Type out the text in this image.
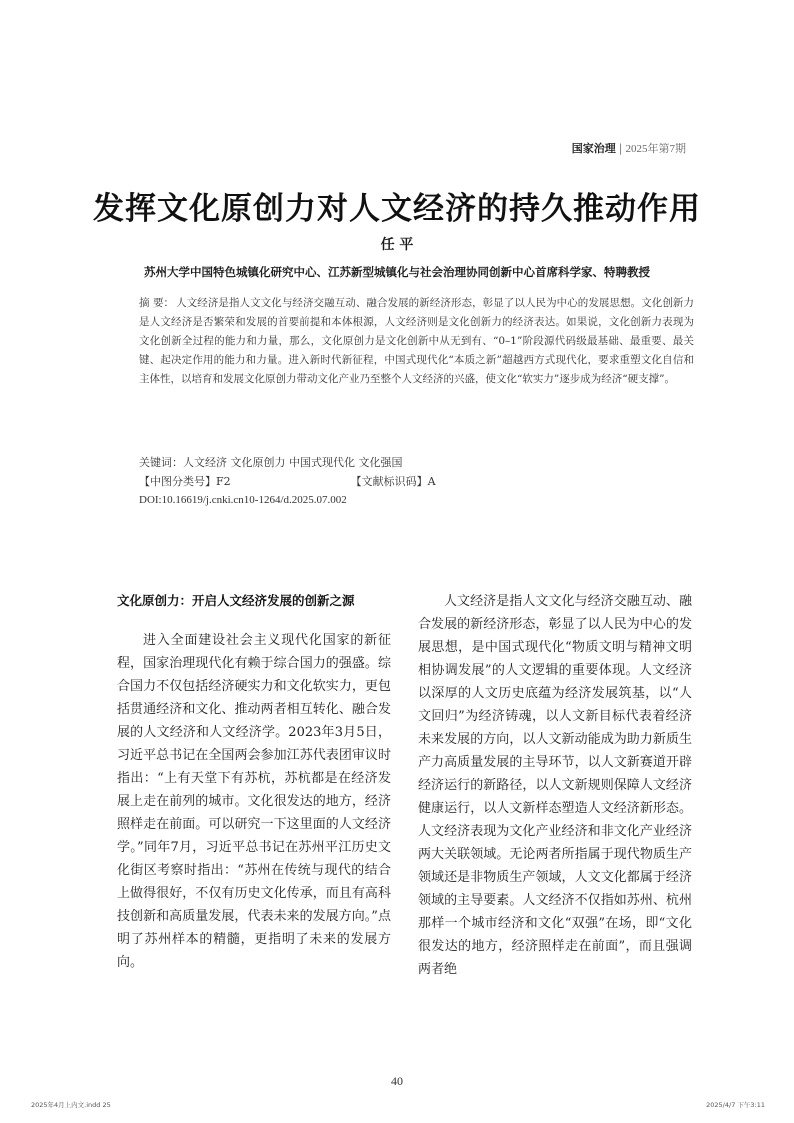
国家治理 | 2025年第7期
发挥文化原创力对人文经济的持久推动作用
任 平
苏州大学中国特色城镇化研究中心、江苏新型城镇化与社会治理协同创新中心首席科学家、特聘教授
摘 要： 人文经济是指人文文化与经济交融互动、融合发展的新经济形态，彰显了以人民为中心的发展思想。文化创新力是人文经济是否繁荣和发展的首要前提和本体根源，人文经济则是文化创新力的经济表达。如果说，文化创新力表现为文化创新全过程的能力和力量，那么，文化原创力是文化创新中从无到有、“0–1”阶段源代码级最基础、最重要、最关键、起决定作用的能力和力量。进入新时代新征程，中国式现代化“本质之新”超越西方式现代化，要求重塑文化自信和主体性，以培育和发展文化原创力带动文化产业乃至整个人文经济的兴盛，使文化“软实力”逐步成为经济“硬支撑”。
关键词：人文经济 文化原创力 中国式现代化 文化强国
【中图分类号】F2	【文献标识码】A
DOI:10.16619/j.cnki.cn10-1264/d.2025.07.002
文化原创力：开启人文经济发展的创新之源

进入全面建设社会主义现代化国家的新征程，国家治理现代化有赖于综合国力的强盛。综合国力不仅包括经济硬实力和文化软实力，更包括贯通经济和文化、推动两者相互转化、融合发展的人文经济和人文经济学。2023年3月5日，习近平总书记在全国两会参加江苏代表团审议时指出：“上有天堂下有苏杭，苏杭都是在经济发展上走在前列的城市。文化很发达的地方，经济照样走在前面。可以研究一下这里面的人文经济学。”同年7月，习近平总书记在苏州平江历史文化街区考察时指出：“苏州在传统与现代的结合上做得很好，不仅有历史文化传承，而且有高科技创新和高质量发展，代表未来的发展方向。”点明了苏州样本的精髓，更指明了未来的发展方向。

人文经济是指人文文化与经济交融互动、融合发展的新经济形态，彰显了以人民为中心的发展思想，是中国式现代化“物质文明与精神文明相协调发展”的人文逻辑的重要体现。人文经济以深厚的人文历史底蕴为经济发展筑基，以“人文回归”为经济铸魂，以人文新目标代表着经济未来发展的方向，以人文新动能成为助力新质生产力高质量发展的主导环节，以人文新赛道开辟经济运行的新路径，以人文新规则保障人文经济健康运行，以人文新样态塑造人文经济新形态。人文经济表现为文化产业经济和非文化产业经济两大关联领域。无论两者所指属于现代物质生产领域还是非物质生产领域，人文文化都属于经济领域的主导要素。人文经济不仅指如苏州、杭州那样一个城市经济和文化“双强”在场，即“文化很发达的地方，经济照样走在前面”，而且强调两者绝

40
2025年4月上内文.indd 25	2025/4/7 下午3:11
